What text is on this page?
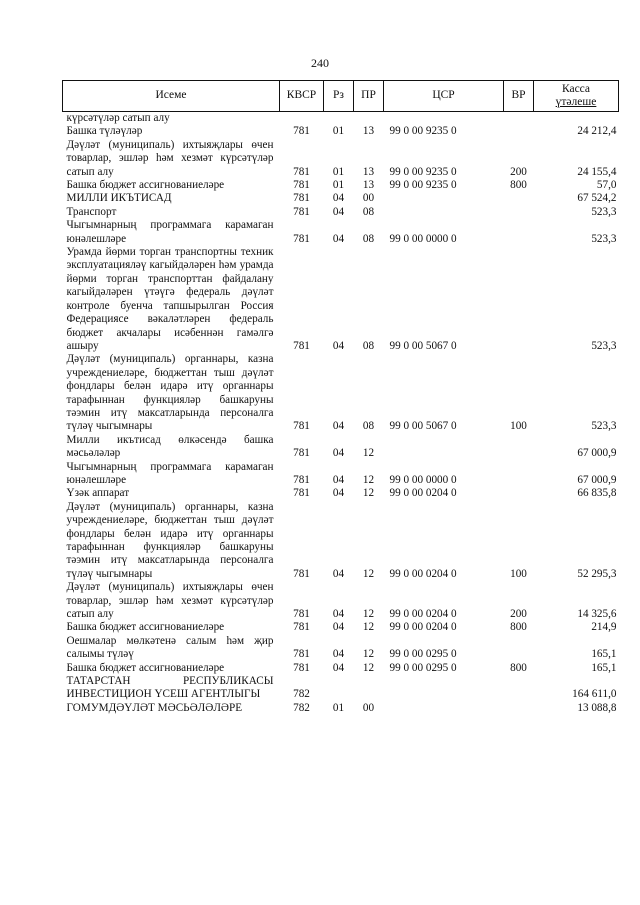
240
Исеме	КВСР	Рз	ПР	ЦСР	ВР	Касса
үтәлеше

күрсәтүләр сатып алу						
Башка түләүләр	781	01	13	99 0 00 9235 0		24 212,4
Дәүләт (муниципаль) ихтыяҗлары өчен товарлар, эшләр һәм хезмәт күрсәтүләр сатып алу	781	01	13	99 0 00 9235 0	200	24 155,4
Башка бюджет ассигнованиеләре	781	01	13	99 0 00 9235 0	800	57,0
МИЛЛИ ИКЪТИСАД	781	04	00			67 524,2
Транспорт	781	04	08			523,3
Чыгымнарның программага карамаган юнәлешләре	781	04	08	99 0 00 0000 0		523,3
Урамда йөрми торган транспортны техник эксплуатацияләү кагыйдәләрен һәм урамда йөрми торган транспорттан файдалану кагыйдәләрен үтәүгә федераль дәүләт контроле буенча тапшырылган Россия Федерациясе вәкаләтләрен федераль бюджет акчалары исәбеннән гамәлгә ашыру	781	04	08	99 0 00 5067 0		523,3
Дәүләт (муниципаль) органнары, казна учреждениеләре, бюджеттан тыш дәүләт фондлары белән идарә итү органнары тарафыннан функцияләр башкаруны тәэмин итү максатларында персоналга түләү чыгымнары	781	04	08	99 0 00 5067 0	100	523,3
Милли икътисад өлкәсендә башка мәсьәләләр	781	04	12			67 000,9
Чыгымнарның программага карамаган юнәлешләре	781	04	12	99 0 00 0000 0		67 000,9
Үзәк аппарат	781	04	12	99 0 00 0204 0		66 835,8
Дәүләт (муниципаль) органнары, казна учреждениеләре, бюджеттан тыш дәүләт фондлары белән идарә итү органнары тарафыннан функцияләр башкаруны тәэмин итү максатларында персоналга түләү чыгымнары	781	04	12	99 0 00 0204 0	100	52 295,3
Дәүләт (муниципаль) ихтыяҗлары өчен товарлар, эшләр һәм хезмәт күрсәтүләр сатып алу	781	04	12	99 0 00 0204 0	200	14 325,6
Башка бюджет ассигнованиеләре	781	04	12	99 0 00 0204 0	800	214,9
Оешмалар мөлкәтенә салым һәм җир салымы түләү	781	04	12	99 0 00 0295 0		165,1
Башка бюджет ассигнованиеләре	781	04	12	99 0 00 0295 0	800	165,1
ТАТАРСТАН РЕСПУБЛИКАСЫ ИНВЕСТИЦИОН ҮСЕШ АГЕНТЛЫГЫ	782					164 611,0
ГОМУМДӘҮЛӘТ МӘСЬӘЛӘЛӘРЕ	782	01	00			13 088,8
